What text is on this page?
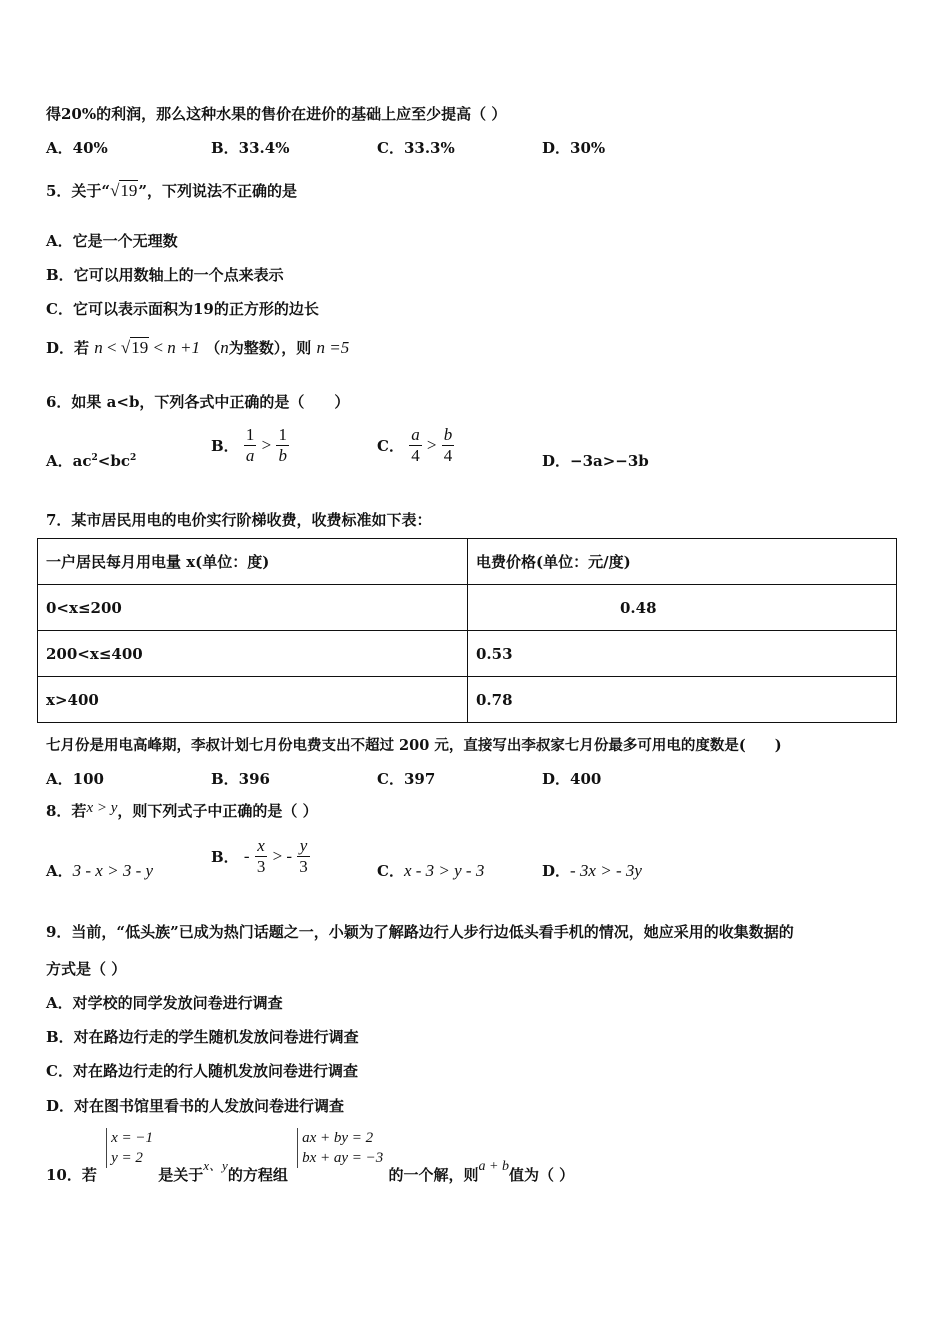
得20%的利润，那么这种水果的售价在进价的基础上应至少提高（ ）
A．40%	B．33.4%	C．33.3%	D．30%
5．关于“√19”，下列说法不正确的是
A．它是一个无理数
B．它可以用数轴上的一个点来表示
C．它可以表示面积为19的正方形的边长
D．若 n < √19 < n +1 （n为整数），则 n =5
6．如果 a<b，下列各式中正确的是（　　）
A．$ac^2<bc^2$
B． $\frac{1}{a} > \frac{1}{b}$	C． $\frac{a}{4} > \frac{b}{4}$	D．−3a>−3b
7．某市居民用电的电价实行阶梯收费，收费标准如下表：
一户居民每月用电量 x(单位：度)	电费价格(单位：元/度)
0<x≤200	0.48
200<x≤400	0.53
x>400	0.78
七月份是用电高峰期，李叔计划七月份电费支出不超过 200 元，直接写出李叔家七月份最多可用电的度数是(　　)
A．100	B．396	C．397	D．400
8．若x > y，则下列式子中正确的是（ ）
A．3 - x > 3 - y
B． - $\frac{x}{3}$ > - $\frac{y}{3}$	C．x - 3 > y - 3	D．- 3x > - 3y
9．当前，“低头族”已成为热门话题之一，小颖为了解路边行人步行边低头看手机的情况，她应采用的收集数据的
方式是（ ）
A．对学校的同学发放问卷进行调查
B．对在路边行走的学生随机发放问卷进行调查
C．对在路边行走的行人随机发放问卷进行调查
D．对在图书馆里看书的人发放问卷进行调查
10．若
x = −1
y = 2
是关于x、y的方程组
ax + by = 2
bx + ay = −3
的一个解，则a + b值为（ ）
